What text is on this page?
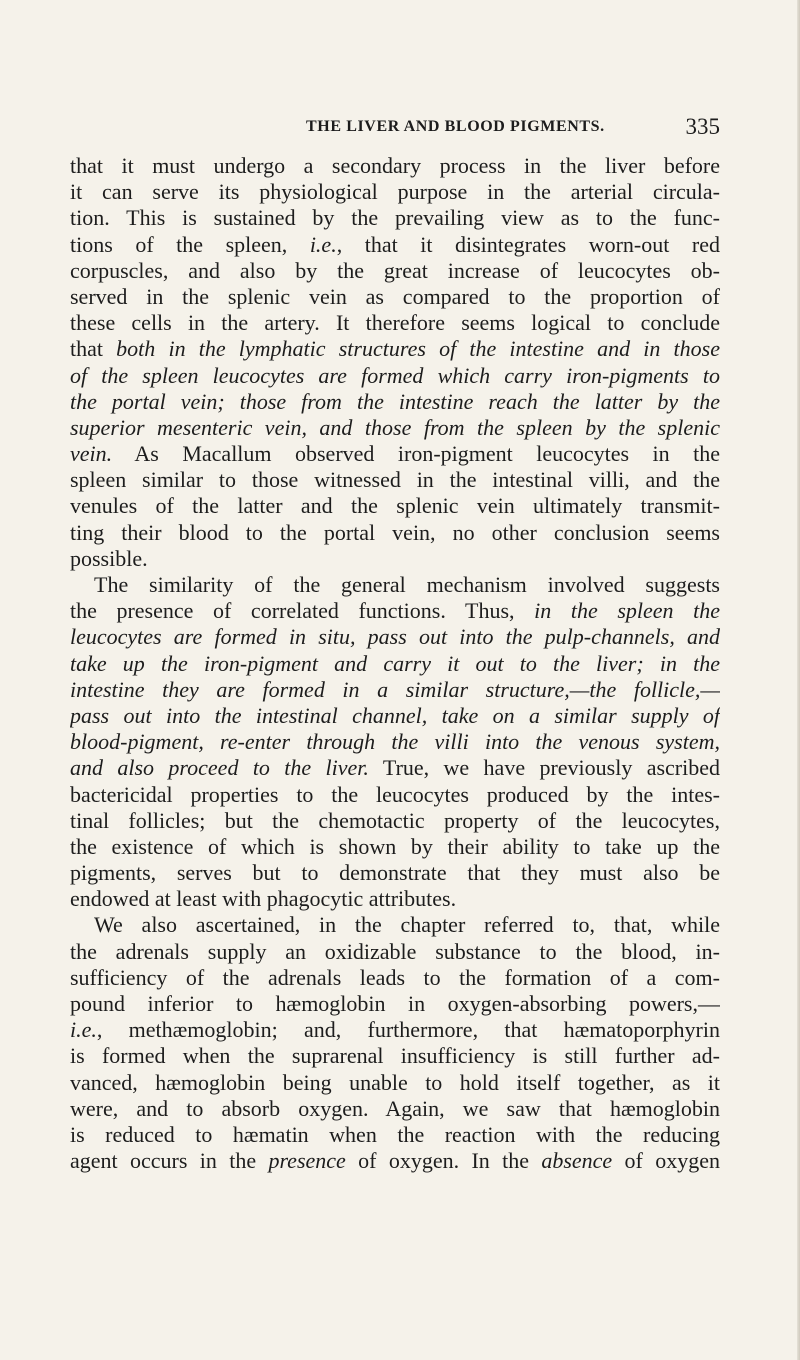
THE LIVER AND BLOOD PIGMENTS.	335
that it must undergo a secondary process in the liver before
it can serve its physiological purpose in the arterial circula-
tion. This is sustained by the prevailing view as to the func-
tions of the spleen, i.e., that it disintegrates worn-out red
corpuscles, and also by the great increase of leucocytes ob-
served in the splenic vein as compared to the proportion of
these cells in the artery. It therefore seems logical to conclude
that both in the lymphatic structures of the intestine and in those
of the spleen leucocytes are formed which carry iron-pigments to
the portal vein; those from the intestine reach the latter by the
superior mesenteric vein, and those from the spleen by the splenic
vein. As Macallum observed iron-pigment leucocytes in the
spleen similar to those witnessed in the intestinal villi, and the
venules of the latter and the splenic vein ultimately transmit-
ting their blood to the portal vein, no other conclusion seems
possible.
The similarity of the general mechanism involved suggests
the presence of correlated functions. Thus, in the spleen the
leucocytes are formed in situ, pass out into the pulp-channels, and
take up the iron-pigment and carry it out to the liver; in the
intestine they are formed in a similar structure,—the follicle,—
pass out into the intestinal channel, take on a similar supply of
blood-pigment, re-enter through the villi into the venous system,
and also proceed to the liver. True, we have previously ascribed
bactericidal properties to the leucocytes produced by the intes-
tinal follicles; but the chemotactic property of the leucocytes,
the existence of which is shown by their ability to take up the
pigments, serves but to demonstrate that they must also be
endowed at least with phagocytic attributes.
We also ascertained, in the chapter referred to, that, while
the adrenals supply an oxidizable substance to the blood, in-
sufficiency of the adrenals leads to the formation of a com-
pound inferior to hæmoglobin in oxygen-absorbing powers,—
i.e., methæmoglobin; and, furthermore, that hæmatoporphyrin
is formed when the suprarenal insufficiency is still further ad-
vanced, hæmoglobin being unable to hold itself together, as it
were, and to absorb oxygen. Again, we saw that hæmoglobin
is reduced to hæmatin when the reaction with the reducing
agent occurs in the presence of oxygen. In the absence of oxygen
